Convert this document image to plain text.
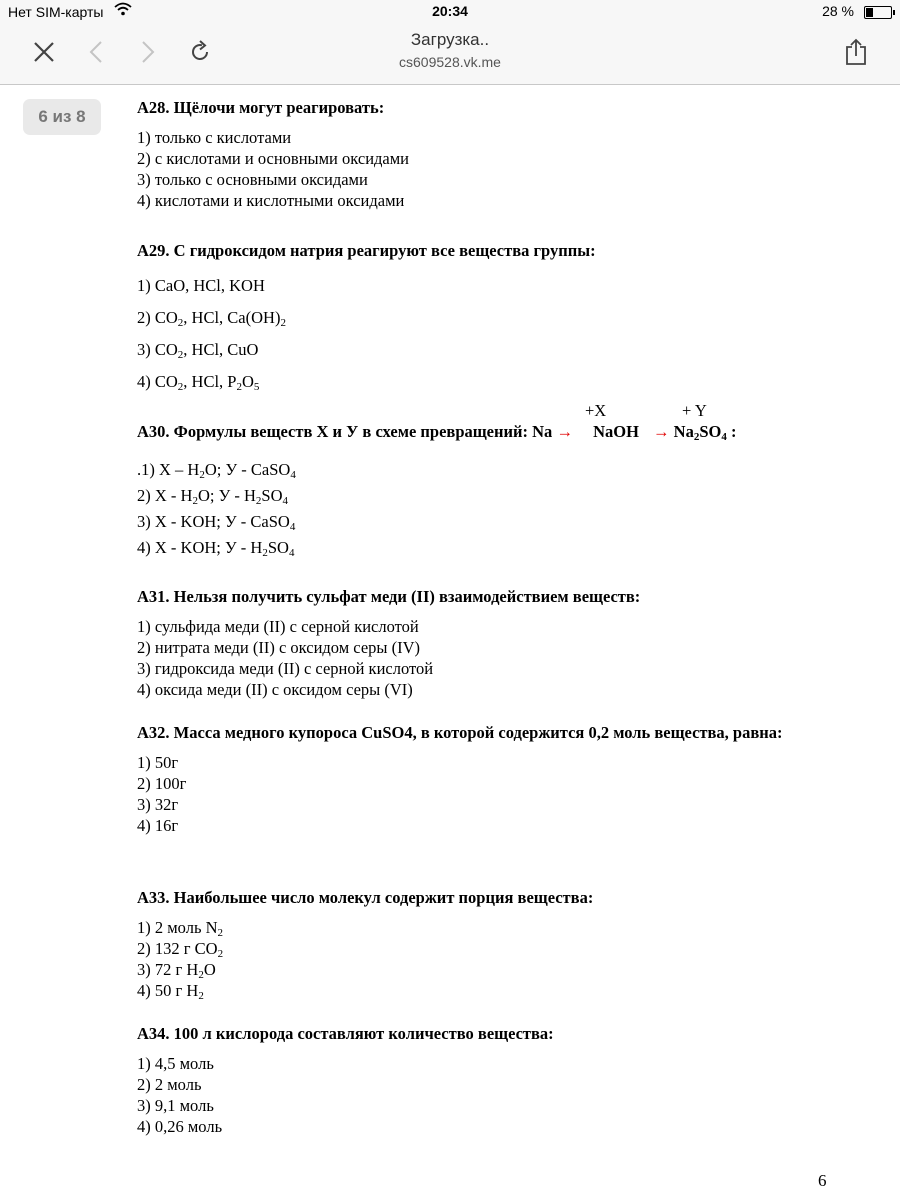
Нет SIM-карты	20:34	28 %
Загрузка..
cs609528.vk.me
6 из 8	А28. Щёлочи могут реагировать:
1) только с кислотами
2) с кислотами и основными оксидами
3) только с основными оксидами
4) кислотами и кислотными оксидами
А29. С гидроксидом натрия реагируют все вещества группы:
1) CaO, HCl, KOH
2) $CO_2$, HCl, $Ca(OH)_2$
3) $CO_2$, HCl, CuO
4) $CO_2$, HCl, $P_2O_5$
+X	+ Y
А30. Формулы веществ Х и У в схеме превращений: Na → NaOH → $Na_2SO_4$ :
.1) Х – $H_2O$; У - CaSO$_4$
2) Х - $H_2O$; У - $H_2SO_4$
3) Х - KOH; У - CaSO$_4$
4) Х - KOH; У - $H_2SO_4$
А31. Нельзя получить сульфат меди (II) взаимодействием веществ:
1) сульфида меди (II) с серной кислотой
2) нитрата меди (II) с оксидом серы (IV)
3) гидроксида меди (II) с серной кислотой
4) оксида меди (II) с оксидом серы (VI)
А32. Масса медного купороса CuSO4, в которой содержится 0,2 моль вещества, равна:
1) 50г
2) 100г
3) 32г
4) 16г
А33. Наибольшее число молекул содержит порция вещества:
1) 2 моль $N_2$
2) 132 г $CO_2$
3) 72 г $H_2O$
4) 50 г $H_2$
А34. 100 л кислорода составляют количество вещества:
1) 4,5 моль
2) 2 моль
3) 9,1 моль
4) 0,26 моль
6
